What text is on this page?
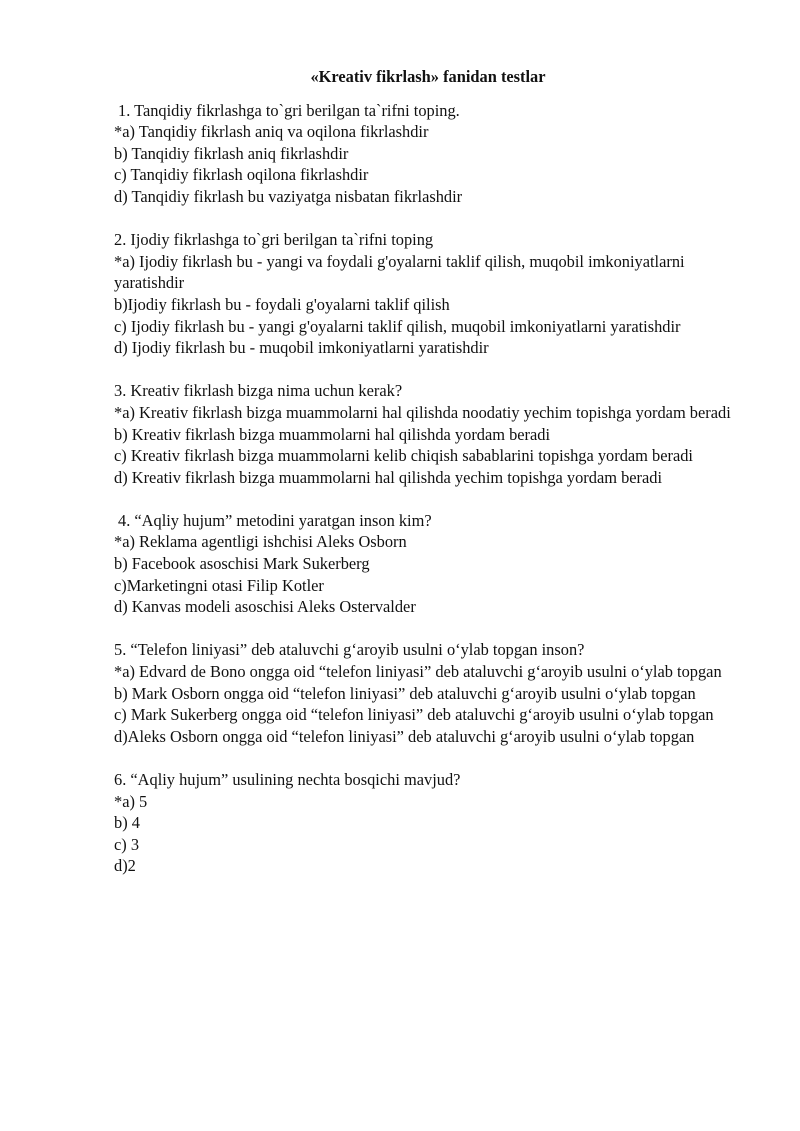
«Kreativ fikrlash» fanidan testlar
1. Tanqidiy fikrlashga to`gri berilgan ta`rifni toping.
*a) Tanqidiy fikrlash aniq va oqilona fikrlashdir
b) Tanqidiy fikrlash aniq fikrlashdir
c) Tanqidiy fikrlash oqilona fikrlashdir
d) Tanqidiy fikrlash bu vaziyatga nisbatan fikrlashdir
2. Ijodiy fikrlashga to`gri berilgan ta`rifni toping
*a) Ijodiy fikrlash bu - yangi va foydali g'oyalarni taklif qilish, muqobil imkoniyatlarni yaratishdir
b)Ijodiy fikrlash bu - foydali g'oyalarni taklif qilish
c) Ijodiy fikrlash bu - yangi g'oyalarni taklif qilish, muqobil imkoniyatlarni yaratishdir
d) Ijodiy fikrlash bu - muqobil imkoniyatlarni yaratishdir
3. Kreativ fikrlash bizga nima uchun kerak?
*a) Kreativ fikrlash bizga muammolarni hal qilishda noodatiy yechim topishga yordam beradi
b) Kreativ fikrlash bizga muammolarni hal qilishda yordam beradi
c) Kreativ fikrlash bizga muammolarni kelib chiqish sabablarini topishga yordam beradi
d) Kreativ fikrlash bizga muammolarni hal qilishda yechim topishga yordam beradi
4. “Aqliy hujum” metodini yaratgan inson kim?
*a) Reklama agentligi ishchisi Aleks Osborn
b) Facebook asoschisi Mark Sukerberg
c)Marketingni otasi Filip Kotler
d) Kanvas modeli asoschisi Aleks Ostervalder
5. “Telefon liniyasi” deb ataluvchi g‘aroyib usulni o‘ylab topgan inson?
*a) Edvard de Bono ongga oid “telefon liniyasi” deb ataluvchi g‘aroyib usulni o‘ylab topgan
b) Mark Osborn ongga oid “telefon liniyasi” deb ataluvchi g‘aroyib usulni o‘ylab topgan
c) Mark Sukerberg ongga oid “telefon liniyasi” deb ataluvchi g‘aroyib usulni o‘ylab topgan
d)Aleks Osborn ongga oid “telefon liniyasi” deb ataluvchi g‘aroyib usulni o‘ylab topgan
6. “Aqliy hujum” usulining nechta bosqichi mavjud?
*a) 5
b) 4
c) 3
d)2
